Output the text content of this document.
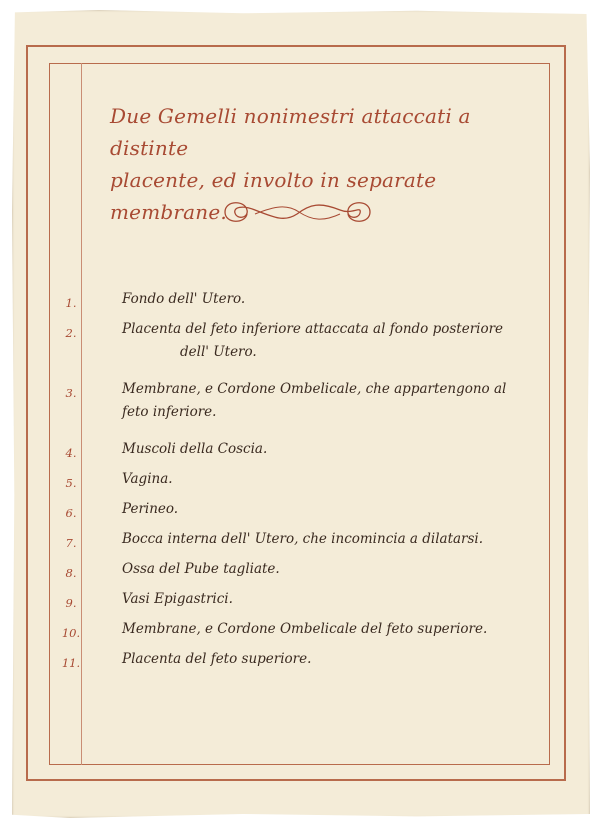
Due Gemelli nonimestri attaccati a distinte
placente, ed involto in separate membrane.
1.	Fondo dell' Utero.
2.	Placenta del feto inferiore attaccata al fondo posteriore
dell' Utero.
3.	Membrane, e Cordone Ombelicale, che appartengono al
feto inferiore.
4.	Muscoli della Coscia.
5.	Vagina.
6.	Perineo.
7.	Bocca interna dell' Utero, che incomincia a dilatarsi.
8.	Ossa del Pube tagliate.
9.	Vasi Epigastrici.
10.	Membrane, e Cordone Ombelicale del feto superiore.
11.	Placenta del feto superiore.
